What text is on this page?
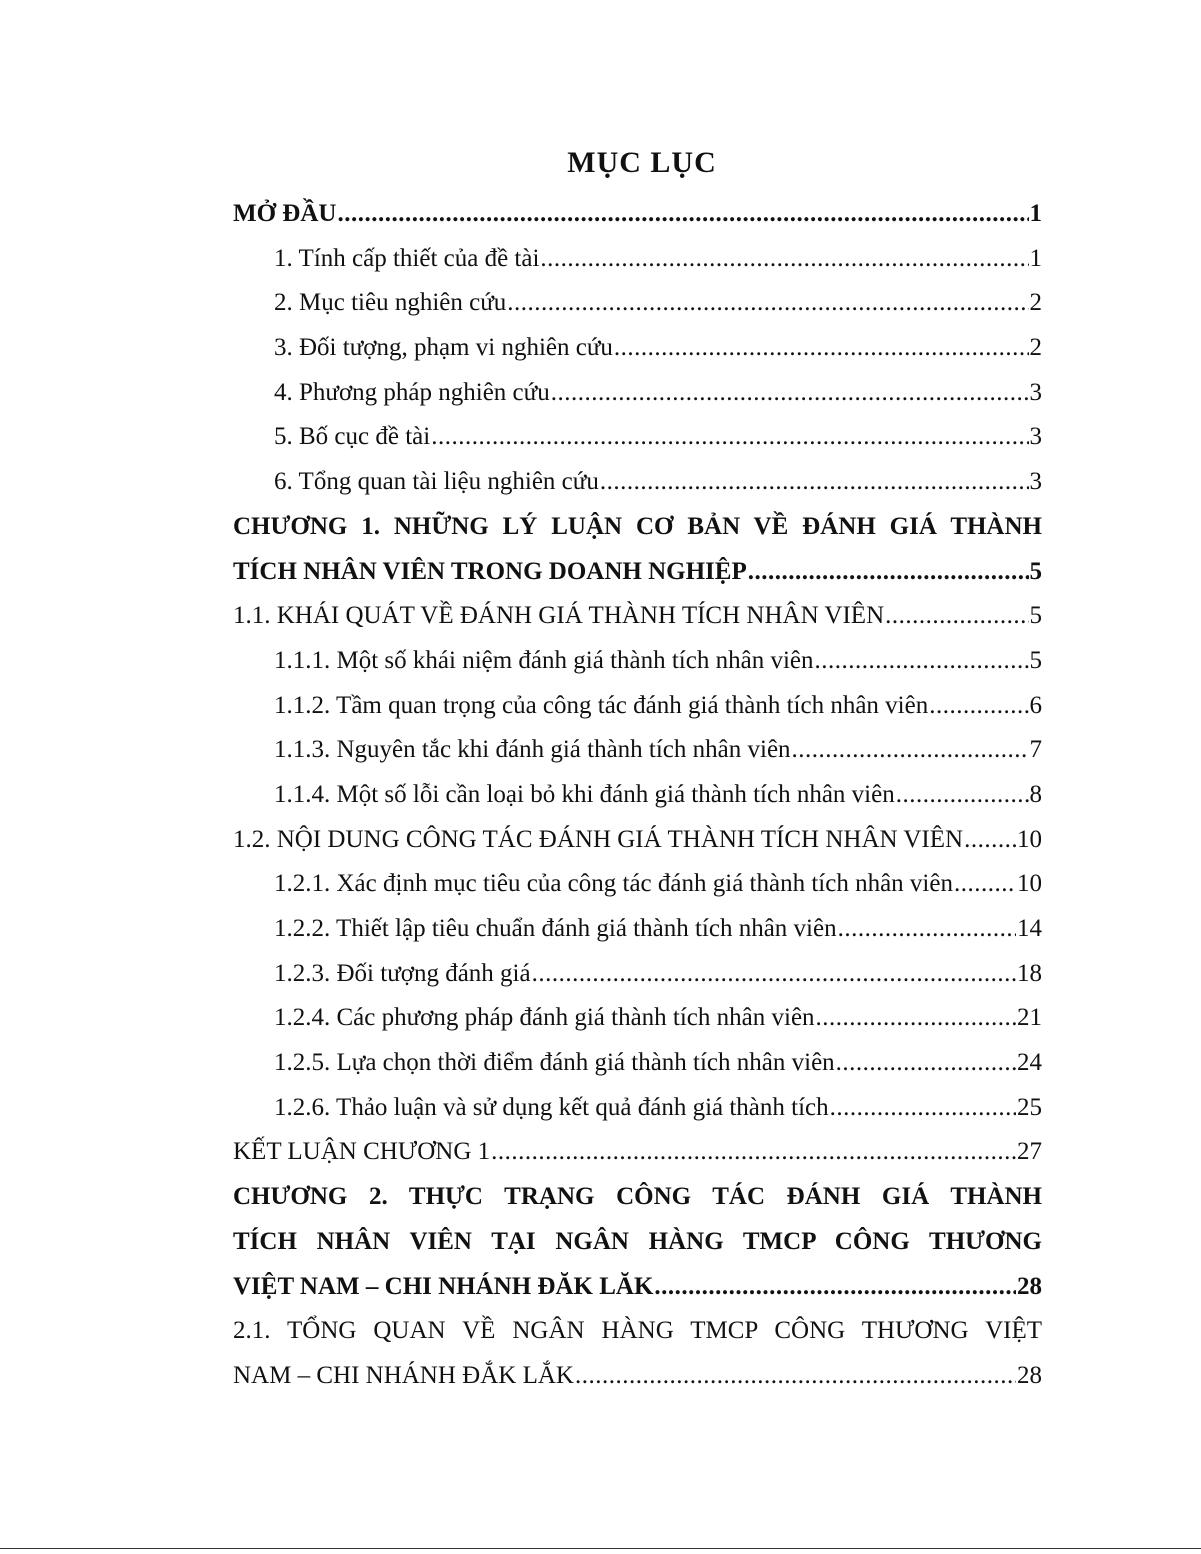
MỤC LỤC
MỞ ĐẦU .....	1
1. Tính cấp thiết của đề tài .....	1
2. Mục tiêu nghiên cứu .....	2
3. Đối tượng, phạm vi nghiên cứu .....	2
4. Phương pháp nghiên cứu .....	3
5. Bố cục đề tài .....	3
6. Tổng quan tài liệu nghiên cứu .....	3
CHƯƠNG 1. NHỮNG LÝ LUẬN CƠ BẢN VỀ ĐÁNH GIÁ THÀNH
TÍCH NHÂN VIÊN TRONG DOANH NGHIỆP .....	5
1.1. KHÁI QUÁT VỀ ĐÁNH GIÁ THÀNH TÍCH NHÂN VIÊN .....	5
1.1.1. Một số khái niệm đánh giá thành tích nhân viên .....	5
1.1.2. Tầm quan trọng của công tác đánh giá thành tích nhân viên .....	6
1.1.3. Nguyên tắc khi đánh giá thành tích nhân viên .....	7
1.1.4. Một số lỗi cần loại bỏ khi đánh giá thành tích nhân viên .....	8
1.2. NỘI DUNG CÔNG TÁC ĐÁNH GIÁ THÀNH TÍCH NHÂN VIÊN ..... 10
1.2.1. Xác định mục tiêu của công tác đánh giá thành tích nhân viên .....	10
1.2.2. Thiết lập tiêu chuẩn đánh giá thành tích nhân viên .....	14
1.2.3. Đối tượng đánh giá .....	18
1.2.4. Các phương pháp đánh giá thành tích nhân viên .....	21
1.2.5. Lựa chọn thời điểm đánh giá thành tích nhân viên .....	24
1.2.6. Thảo luận và sử dụng kết quả đánh giá thành tích .....	25
KẾT LUẬN CHƯƠNG 1 .....	27
CHƯƠNG 2. THỰC TRẠNG CÔNG TÁC ĐÁNH GIÁ THÀNH
TÍCH NHÂN VIÊN TẠI NGÂN HÀNG TMCP CÔNG THƯƠNG
VIỆT NAM – CHI NHÁNH ĐĂK LĂK .....	28
2.1. TỔNG QUAN VỀ NGÂN HÀNG TMCP CÔNG THƯƠNG VIỆT
NAM – CHI NHÁNH ĐẮK LẮK .....	28
